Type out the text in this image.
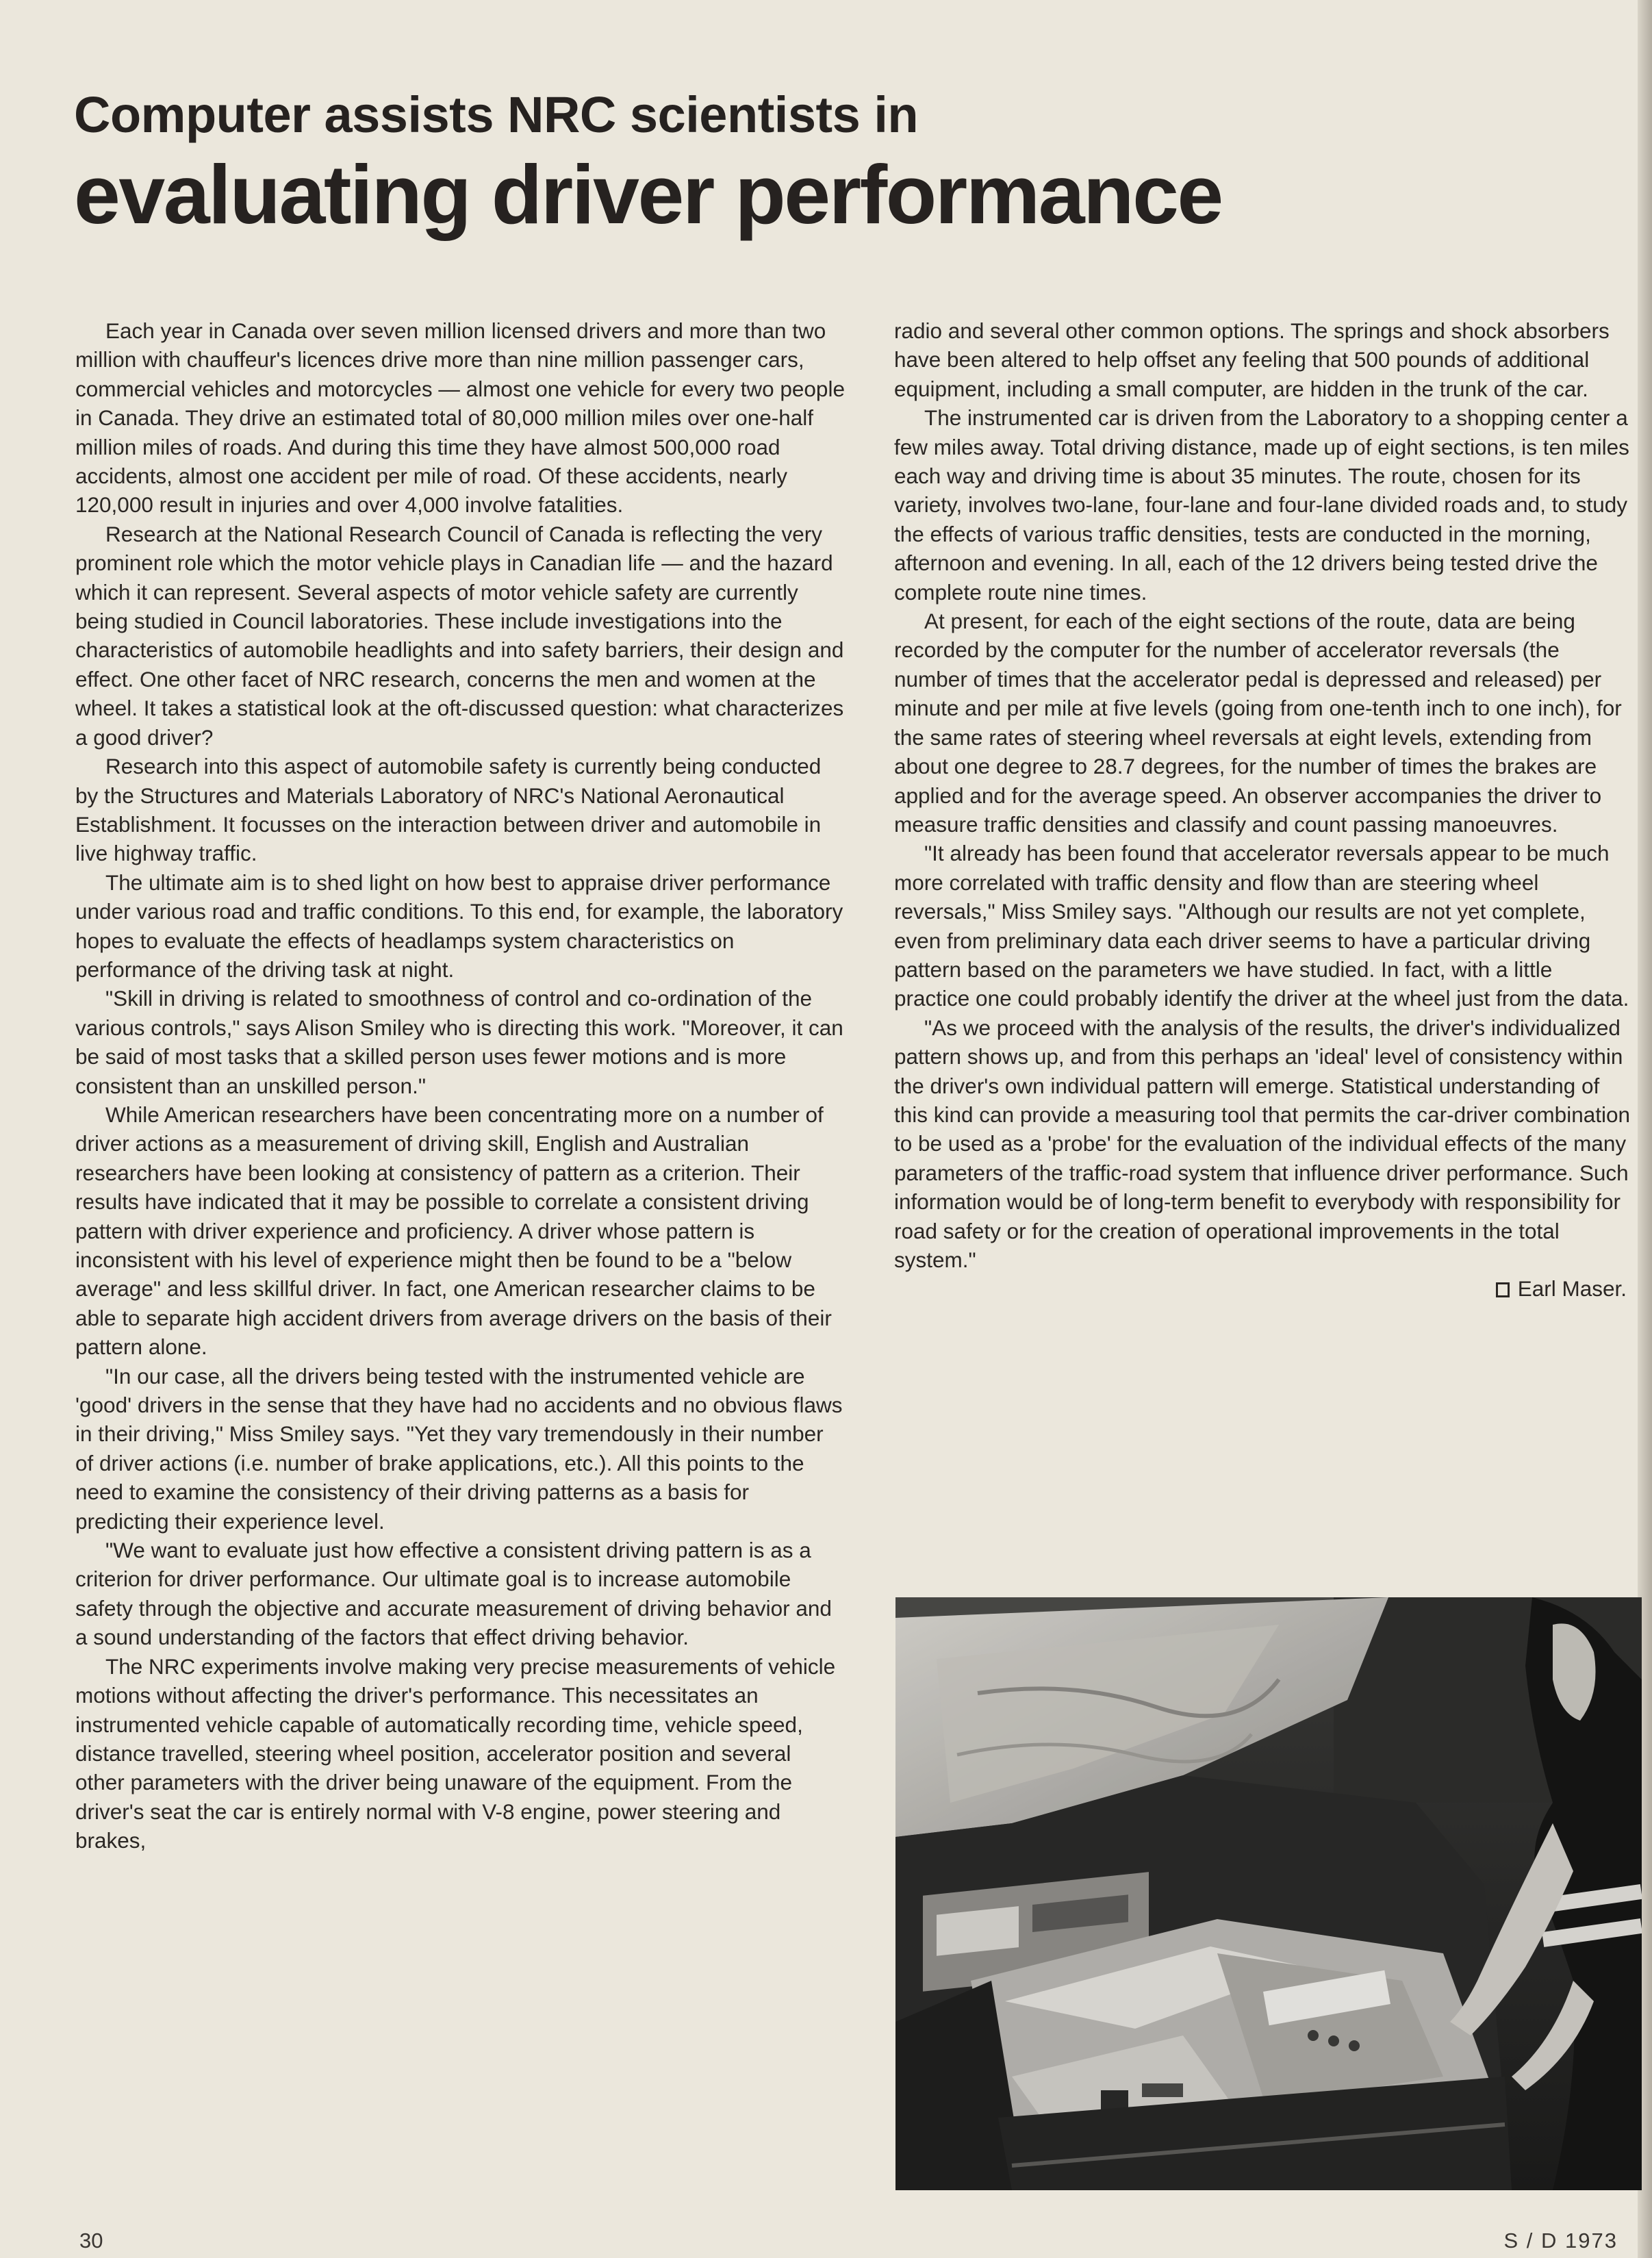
Computer assists NRC scientists in
evaluating driver performance

Each year in Canada over seven million licensed drivers and more than two million with chauffeur's licences drive more than nine million passenger cars, commercial vehicles and motorcycles — almost one vehicle for every two people in Canada. They drive an estimated total of 80,000 million miles over one-half million miles of roads. And during this time they have almost 500,000 road accidents, almost one accident per mile of road. Of these accidents, nearly 120,000 result in injuries and over 4,000 involve fatalities.

Research at the National Research Council of Canada is reflecting the very prominent role which the motor vehicle plays in Canadian life — and the hazard which it can represent. Several aspects of motor vehicle safety are currently being studied in Council laboratories. These include investigations into the characteristics of automobile headlights and into safety barriers, their design and effect. One other facet of NRC research, concerns the men and women at the wheel. It takes a statistical look at the oft-discussed question: what characterizes a good driver?

Research into this aspect of automobile safety is currently being conducted by the Structures and Materials Laboratory of NRC's National Aeronautical Establishment. It focusses on the interaction between driver and automobile in live highway traffic.

The ultimate aim is to shed light on how best to appraise driver performance under various road and traffic conditions. To this end, for example, the laboratory hopes to evaluate the effects of headlamps system characteristics on performance of the driving task at night.

"Skill in driving is related to smoothness of control and co-ordination of the various controls," says Alison Smiley who is directing this work. "Moreover, it can be said of most tasks that a skilled person uses fewer motions and is more consistent than an unskilled person."

While American researchers have been concentrating more on a number of driver actions as a measurement of driving skill, English and Australian researchers have been looking at consistency of pattern as a criterion. Their results have indicated that it may be possible to correlate a consistent driving pattern with driver experience and proficiency. A driver whose pattern is inconsistent with his level of experience might then be found to be a "below average" and less skillful driver. In fact, one American researcher claims to be able to separate high accident drivers from average drivers on the basis of their pattern alone.

"In our case, all the drivers being tested with the instrumented vehicle are 'good' drivers in the sense that they have had no accidents and no obvious flaws in their driving," Miss Smiley says. "Yet they vary tremendously in their number of driver actions (i.e. number of brake applications, etc.). All this points to the need to examine the consistency of their driving patterns as a basis for predicting their experience level.

"We want to evaluate just how effective a consistent driving pattern is as a criterion for driver performance. Our ultimate goal is to increase automobile safety through the objective and accurate measurement of driving behavior and a sound understanding of the factors that effect driving behavior.

The NRC experiments involve making very precise measurements of vehicle motions without affecting the driver's performance. This necessitates an instrumented vehicle capable of automatically recording time, vehicle speed, distance travelled, steering wheel position, accelerator position and several other parameters with the driver being unaware of the equipment. From the driver's seat the car is entirely normal with V-8 engine, power steering and brakes,

radio and several other common options. The springs and shock absorbers have been altered to help offset any feeling that 500 pounds of additional equipment, including a small computer, are hidden in the trunk of the car.

The instrumented car is driven from the Laboratory to a shopping center a few miles away. Total driving distance, made up of eight sections, is ten miles each way and driving time is about 35 minutes. The route, chosen for its variety, involves two-lane, four-lane and four-lane divided roads and, to study the effects of various traffic densities, tests are conducted in the morning, afternoon and evening. In all, each of the 12 drivers being tested drive the complete route nine times.

At present, for each of the eight sections of the route, data are being recorded by the computer for the number of accelerator reversals (the number of times that the accelerator pedal is depressed and released) per minute and per mile at five levels (going from one-tenth inch to one inch), for the same rates of steering wheel reversals at eight levels, extending from about one degree to 28.7 degrees, for the number of times the brakes are applied and for the average speed. An observer accompanies the driver to measure traffic densities and classify and count passing manoeuvres.

"It already has been found that accelerator reversals appear to be much more correlated with traffic density and flow than are steering wheel reversals," Miss Smiley says. "Although our results are not yet complete, even from preliminary data each driver seems to have a particular driving pattern based on the parameters we have studied. In fact, with a little practice one could probably identify the driver at the wheel just from the data.

"As we proceed with the analysis of the results, the driver's individualized pattern shows up, and from this perhaps an 'ideal' level of consistency within the driver's own individual pattern will emerge. Statistical understanding of this kind can provide a measuring tool that permits the car-driver combination to be used as a 'probe' for the evaluation of the individual effects of the many parameters of the traffic-road system that influence driver performance. Such information would be of long-term benefit to everybody with responsibility for road safety or for the creation of operational improvements in the total system."

Earl Maser.
30	S / D 1973
